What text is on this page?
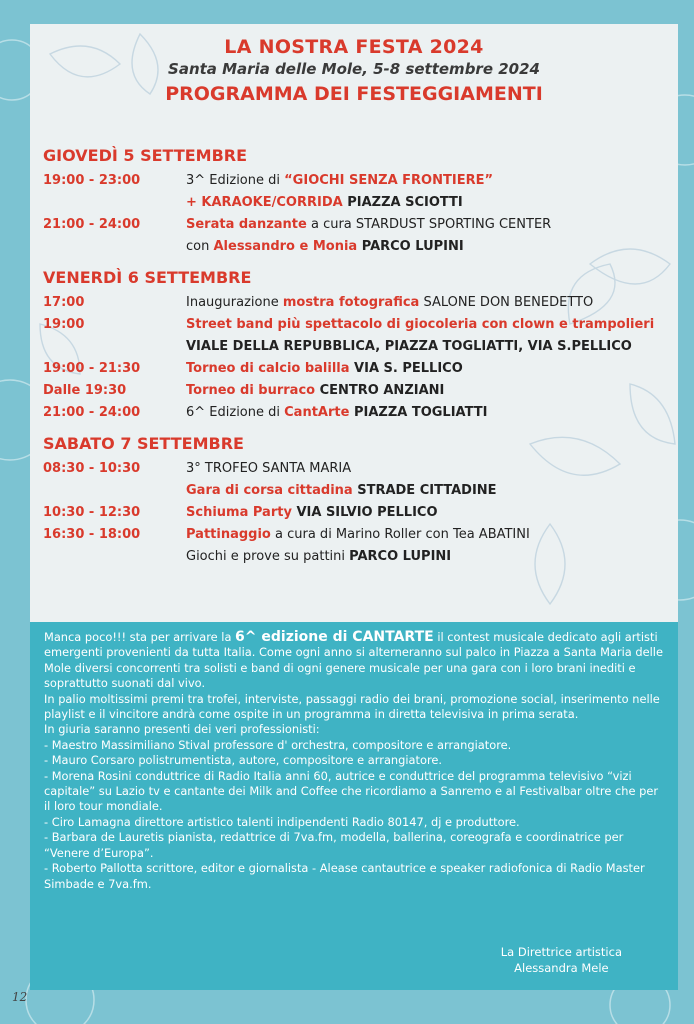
LA NOSTRA FESTA 2024
Santa Maria delle Mole, 5-8 settembre 2024
PROGRAMMA DEI FESTEGGIAMENTI
GIOVEDÌ 5 SETTEMBRE
19:00 - 23:00	3^ Edizione di “GIOCHI SENZA FRONTIERE”
+ KARAOKE/CORRIDA PIAZZA SCIOTTI
21:00 - 24:00	Serata danzante a cura STARDUST SPORTING CENTER
con Alessandro e Monia PARCO LUPINI
VENERDÌ 6 SETTEMBRE
17:00	Inaugurazione mostra fotografica SALONE DON BENEDETTO
19:00	Street band più spettacolo di giocoleria con clown e trampolieri
VIALE DELLA REPUBBLICA, PIAZZA TOGLIATTI, VIA S.PELLICO
19:00 - 21:30	Torneo di calcio balilla VIA S. PELLICO
Dalle 19:30	Torneo di burraco CENTRO ANZIANI
21:00 - 24:00	6^ Edizione di CantArte PIAZZA TOGLIATTI
SABATO 7 SETTEMBRE
08:30 - 10:30	3° TROFEO SANTA MARIA
Gara di corsa cittadina STRADE CITTADINE
10:30 - 12:30	Schiuma Party VIA SILVIO PELLICO
16:30 - 18:00	Pattinaggio a cura di Marino Roller con Tea ABATINI
Giochi e prove su pattini PARCO LUPINI

Manca poco!!! sta per arrivare la 6^ edizione di CANTARTE il contest musicale dedicato agli artisti emergenti provenienti da tutta Italia. Come ogni anno si alterneranno sul palco in Piazza a Santa Maria delle Mole diversi concorrenti tra solisti e band di ogni genere musicale per una gara con i loro brani inediti e soprattutto suonati dal vivo.

In palio moltissimi premi tra trofei, interviste, passaggi radio dei brani, promozione social, inserimento nelle playlist e il vincitore andrà come ospite in un programma in diretta televisiva in prima serata.

In giuria saranno presenti dei veri professionisti:

- Maestro Massimiliano Stival professore d' orchestra, compositore e arrangiatore.
- Mauro Corsaro polistrumentista, autore, compositore e arrangiatore.
- Morena Rosini conduttrice di Radio Italia anni 60, autrice e conduttrice del programma televisivo “vizi capitale” su Lazio tv e cantante dei Milk and Coffee che ricordiamo a Sanremo e al Festivalbar oltre che per il loro tour mondiale.
- Ciro Lamagna direttore artistico talenti indipendenti Radio 80147, dj e produttore.
- Barbara de Lauretis pianista, redattrice di 7va.fm, modella, ballerina, coreografa e coordinatrice per “Venere d’Europa”.
- Roberto Pallotta scrittore, editor e giornalista - Alease cantautrice e speaker radiofonica di Radio Master Simbade e 7va.fm.
La Direttrice artistica
Alessandra Mele
12
